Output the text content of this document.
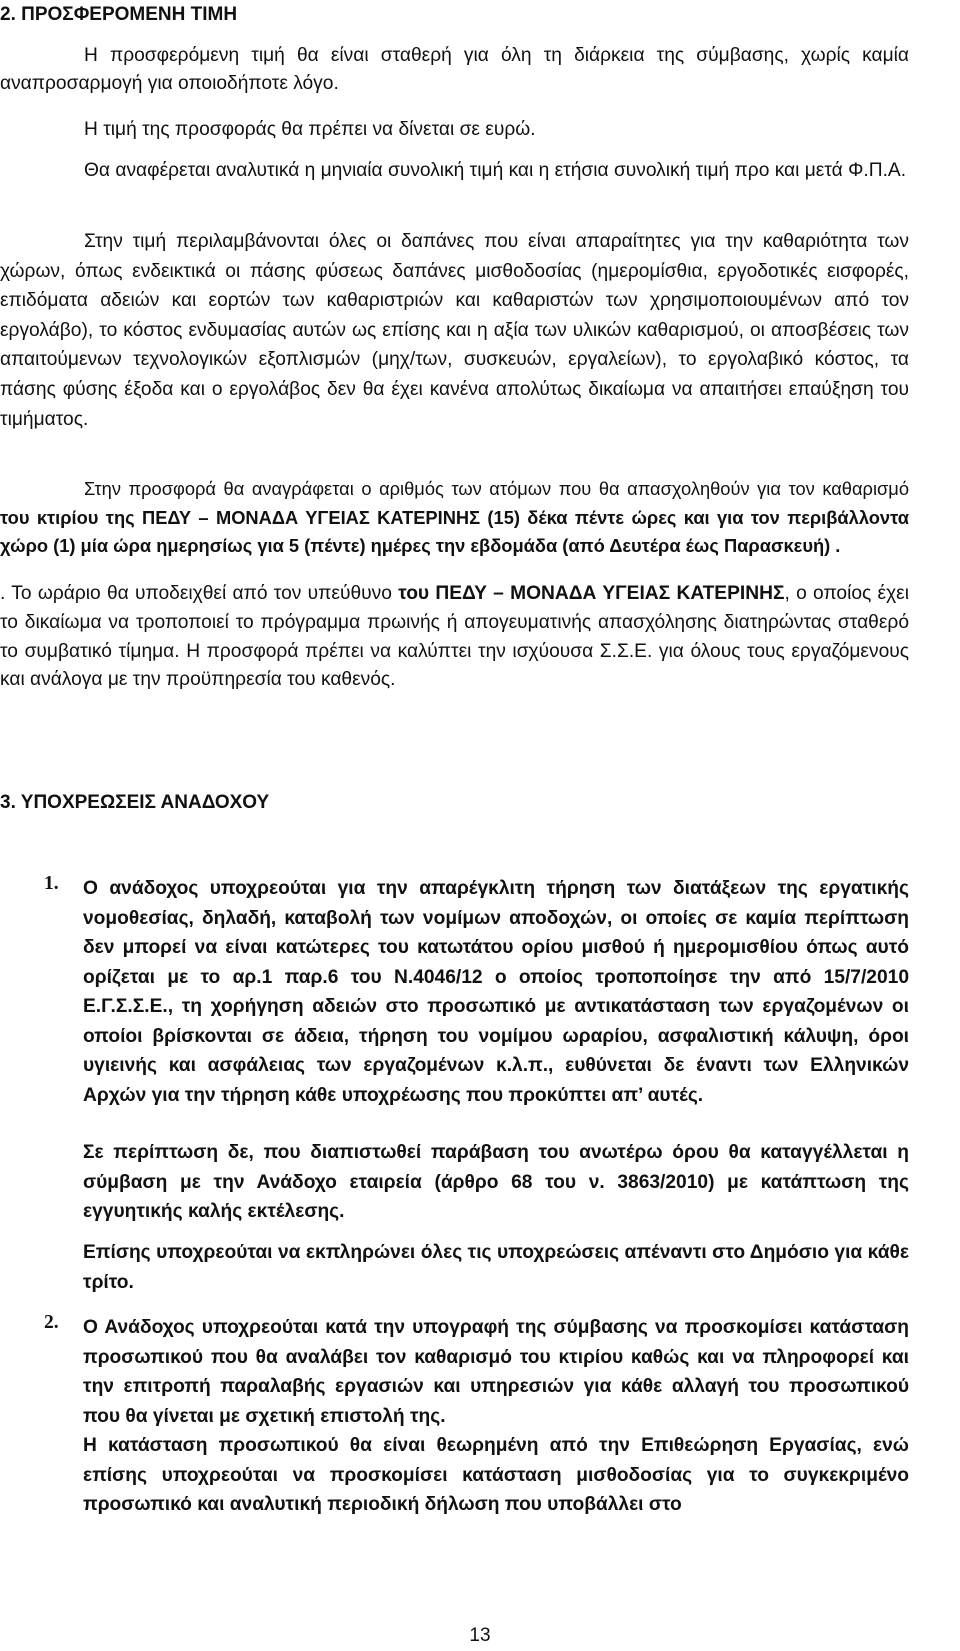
2. ΠΡΟΣΦΕΡΟΜΕΝΗ ΤΙΜΗ
Η προσφερόμενη τιμή θα είναι σταθερή για όλη τη διάρκεια της σύμβασης, χωρίς καμία αναπροσαρμογή για οποιοδήποτε λόγο.
Η τιμή της προσφοράς θα πρέπει να δίνεται σε ευρώ.
Θα αναφέρεται αναλυτικά η μηνιαία συνολική τιμή και η ετήσια συνολική τιμή προ και μετά Φ.Π.Α.
Στην τιμή περιλαμβάνονται όλες οι δαπάνες που είναι απαραίτητες για την καθαριότητα των χώρων, όπως ενδεικτικά οι πάσης φύσεως δαπάνες μισθοδοσίας (ημερομίσθια, εργοδοτικές εισφορές, επιδόματα αδειών και εορτών των καθαριστριών και καθαριστών των χρησιμοποιουμένων από τον εργολάβο), το κόστος ενδυμασίας αυτών ως επίσης και η αξία των υλικών καθαρισμού, οι αποσβέσεις των απαιτούμενων τεχνολογικών εξοπλισμών (μηχ/των, συσκευών, εργαλείων), το εργολαβικό κόστος, τα πάσης φύσης έξοδα και ο εργολάβος δεν θα έχει κανένα απολύτως δικαίωμα να απαιτήσει επαύξηση του τιμήματος.
Στην προσφορά θα αναγράφεται ο αριθμός των ατόμων που θα απασχοληθούν για τον καθαρισμό του κτιρίου της ΠΕΔΥ – ΜΟΝΑΔΑ ΥΓΕΙΑΣ ΚΑΤΕΡΙΝΗΣ (15) δέκα πέντε ώρες και για τον περιβάλλοντα χώρο (1) μία ώρα ημερησίως για 5 (πέντε) ημέρες την εβδομάδα (από Δευτέρα έως Παρασκευή) .
. Το ωράριο θα υποδειχθεί από τον υπεύθυνο του ΠΕΔΥ – ΜΟΝΑΔΑ ΥΓΕΙΑΣ ΚΑΤΕΡΙΝΗΣ, ο οποίος έχει το δικαίωμα να τροποποιεί το πρόγραμμα πρωινής ή απογευματινής απασχόλησης διατηρώντας σταθερό το συμβατικό τίμημα. Η προσφορά πρέπει να καλύπτει την ισχύουσα Σ.Σ.Ε. για όλους τους εργαζόμενους και ανάλογα με την προϋπηρεσία του καθενός.
3. ΥΠΟΧΡΕΩΣΕΙΣ ΑΝΑΔΟΧΟΥ
1. Ο ανάδοχος υποχρεούται για την απαρέγκλιτη τήρηση των διατάξεων της εργατικής νομοθεσίας, δηλαδή, καταβολή των νομίμων αποδοχών, οι οποίες σε καμία περίπτωση δεν μπορεί να είναι κατώτερες του κατωτάτου ορίου μισθού ή ημερομισθίου όπως αυτό ορίζεται με το αρ.1 παρ.6 του Ν.4046/12 ο οποίος τροποποίησε την από 15/7/2010 Ε.Γ.Σ.Σ.Ε., τη χορήγηση αδειών στο προσωπικό με αντικατάσταση των εργαζομένων οι οποίοι βρίσκονται σε άδεια, τήρηση του νομίμου ωραρίου, ασφαλιστική κάλυψη, όροι υγιεινής και ασφάλειας των εργαζομένων κ.λ.π., ευθύνεται δε έναντι των Ελληνικών Αρχών για την τήρηση κάθε υποχρέωσης που προκύπτει απ’ αυτές.
Σε περίπτωση δε, που διαπιστωθεί παράβαση του ανωτέρω όρου θα καταγγέλλεται η σύμβαση με την Ανάδοχο εταιρεία (άρθρο 68 του ν. 3863/2010) με κατάπτωση της εγγυητικής καλής εκτέλεσης.
Επίσης υποχρεούται να εκπληρώνει όλες τις υποχρεώσεις απέναντι στο Δημόσιο για κάθε τρίτο.
2. Ο Ανάδοχος υποχρεούται κατά την υπογραφή της σύμβασης να προσκομίσει κατάσταση προσωπικού που θα αναλάβει τον καθαρισμό του κτιρίου καθώς και να πληροφορεί και την επιτροπή παραλαβής εργασιών και υπηρεσιών για κάθε αλλαγή του προσωπικού που θα γίνεται με σχετική επιστολή της.
Η κατάσταση προσωπικού θα είναι θεωρημένη από την Επιθεώρηση Εργασίας, ενώ επίσης υποχρεούται να προσκομίσει κατάσταση μισθοδοσίας για το συγκεκριμένο προσωπικό και αναλυτική περιοδική δήλωση που υποβάλλει στο
13
